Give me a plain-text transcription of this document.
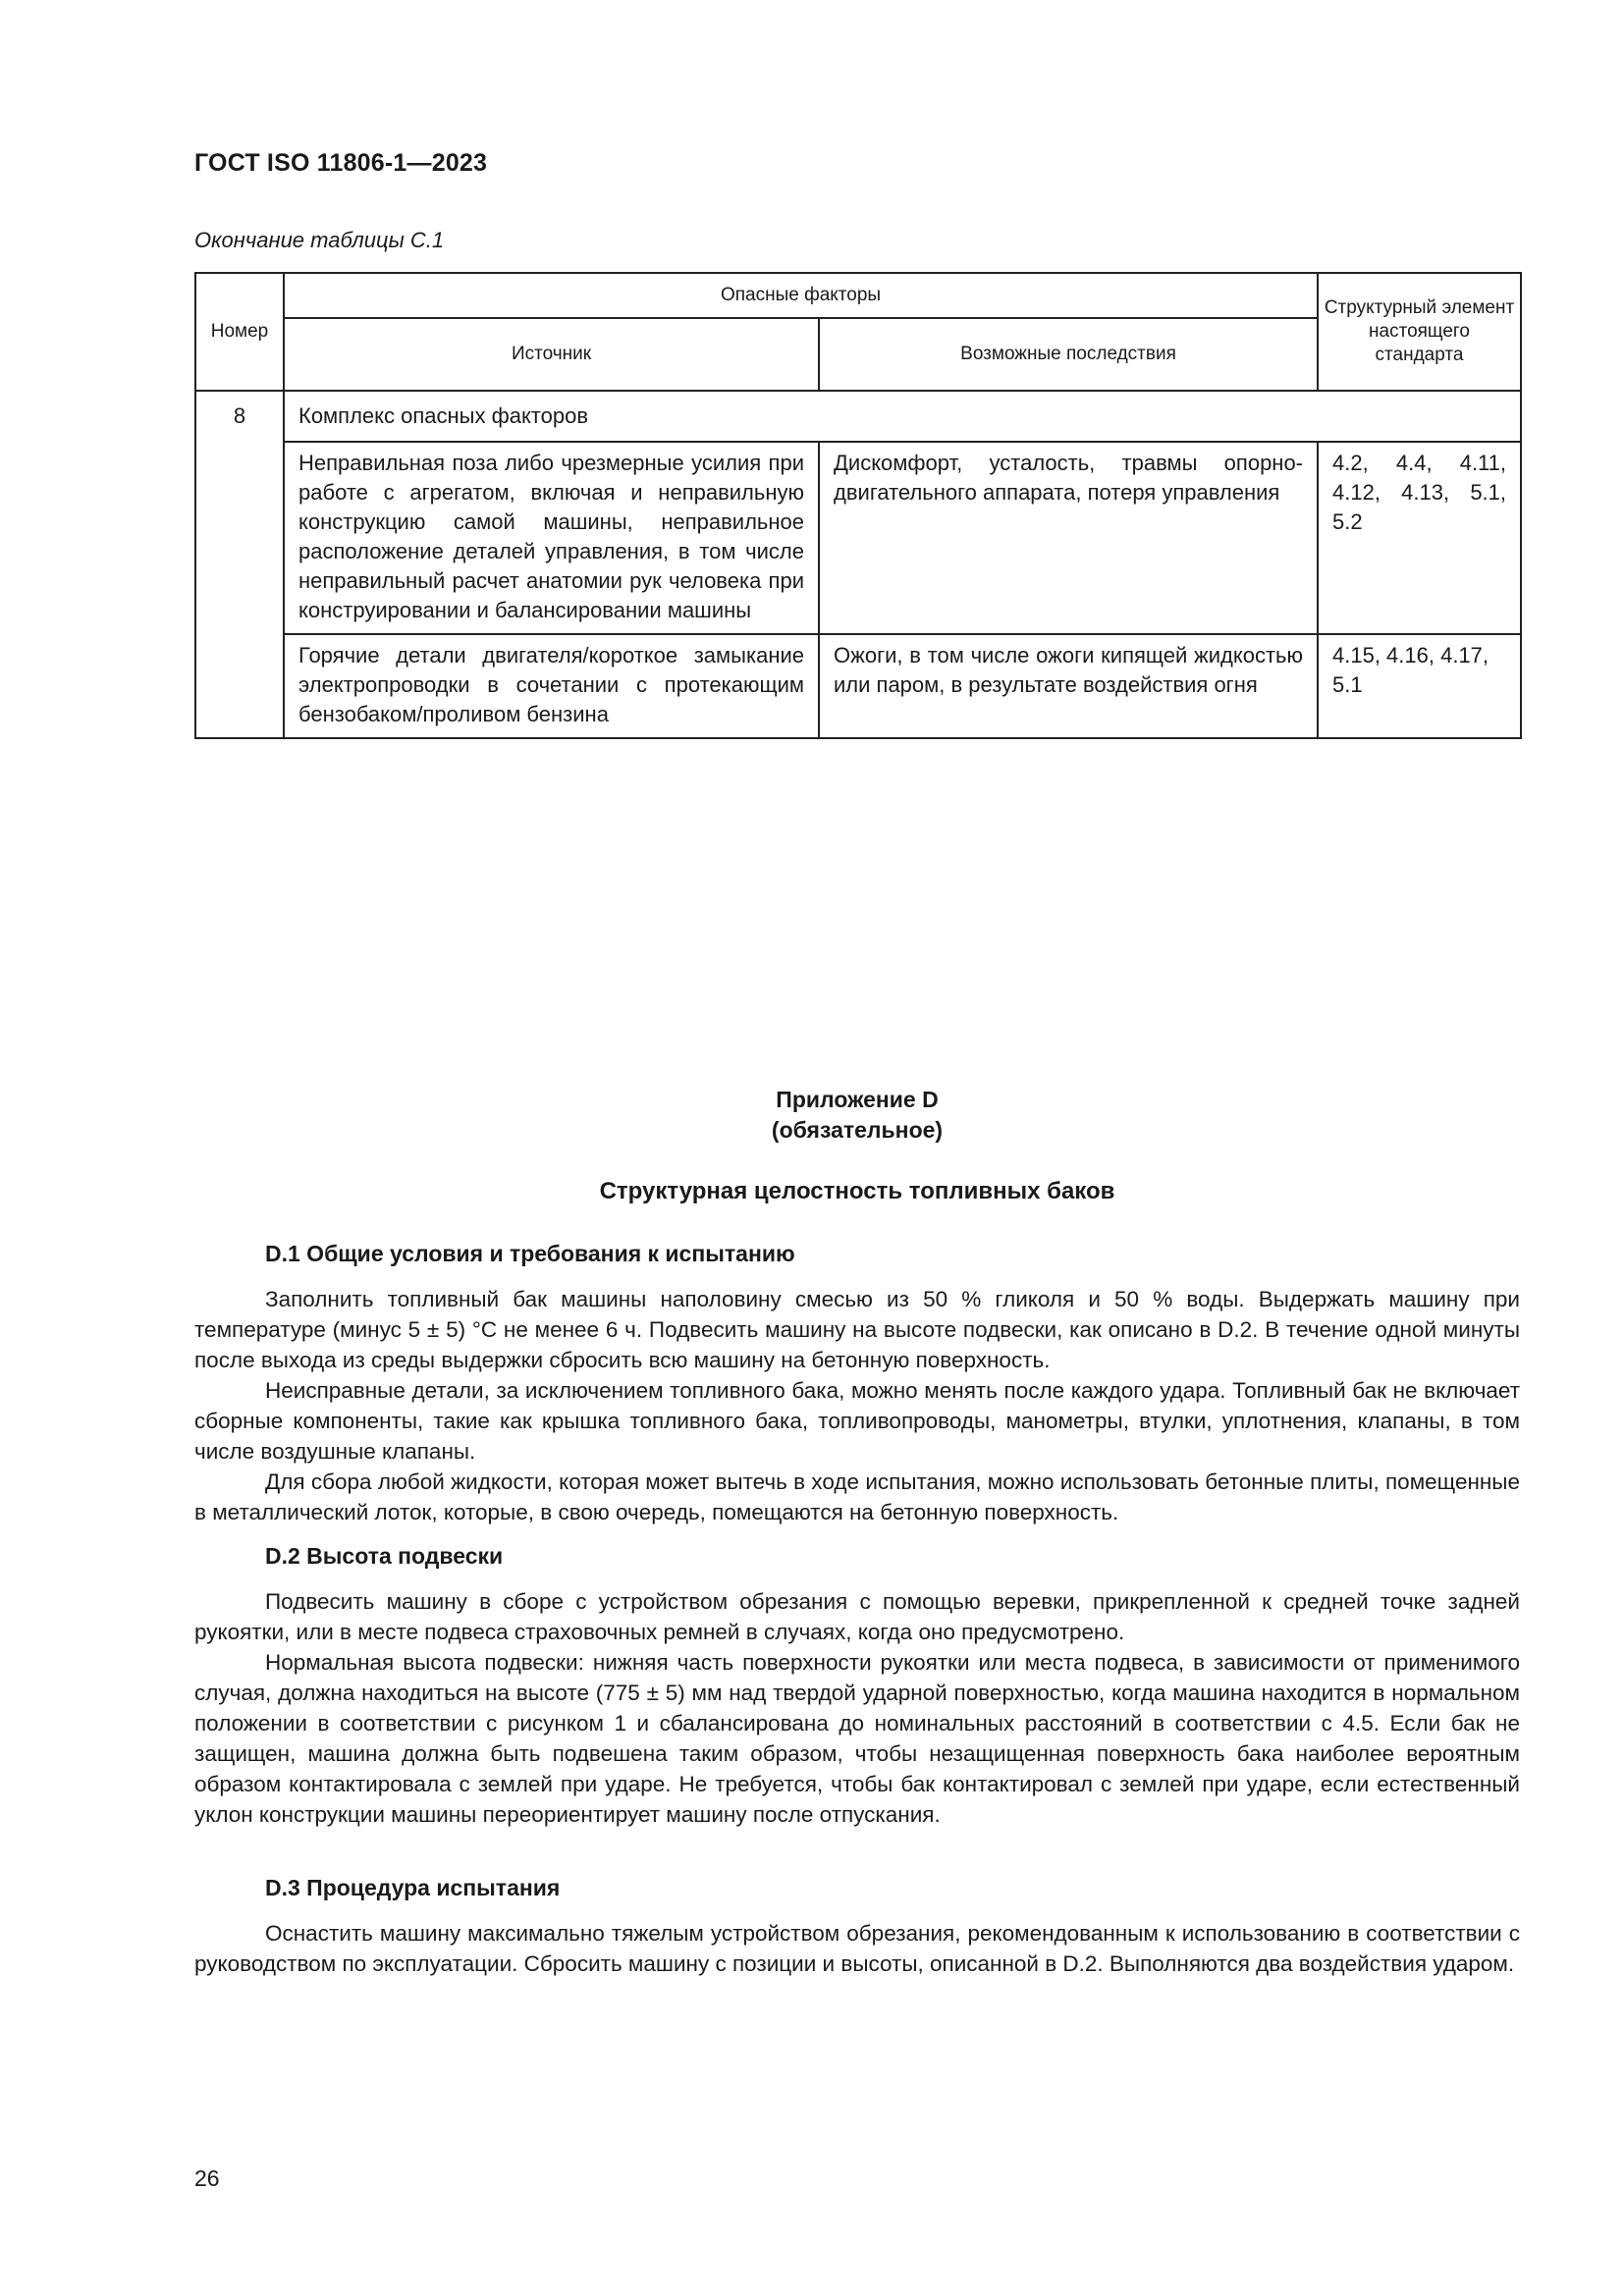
ГОСТ ISO 11806-1—2023
Окончание таблицы С.1
Номер	Опасные факторы		Структурный элемент настоящего стандарта
	Источник	Возможные последствия	
8	Комплекс опасных факторов		
	Неправильная поза либо чрезмерные усилия при работе с агрегатом, включая и неправильную конструкцию самой машины, неправильное расположение деталей управления, в том числе неправильный расчет анатомии рук человека при конструировании и балансировании машины	Дискомфорт, усталость, травмы опорно-двигательного аппарата, потеря управления	4.2, 4.4, 4.11, 4.12, 4.13, 5.1, 5.2
	Горячие детали двигателя/короткое замыкание электропроводки в сочетании с протекающим бензобаком/проливом бензина	Ожоги, в том числе ожоги кипящей жидкостью или паром, в результате воздействия огня	4.15, 4.16, 4.17, 5.1
Приложение D
(обязательное)
Структурная целостность топливных баков
D.1 Общие условия и требования к испытанию
Заполнить топливный бак машины наполовину смесью из 50 % гликоля и 50 % воды. Выдержать машину при температуре (минус 5 ± 5) °С не менее 6 ч. Подвесить машину на высоте подвески, как описано в D.2. В течение одной минуты после выхода из среды выдержки сбросить всю машину на бетонную поверхность.
Неисправные детали, за исключением топливного бака, можно менять после каждого удара. Топливный бак не включает сборные компоненты, такие как крышка топливного бака, топливопроводы, манометры, втулки, уплотнения, клапаны, в том числе воздушные клапаны.
Для сбора любой жидкости, которая может вытечь в ходе испытания, можно использовать бетонные плиты, помещенные в металлический лоток, которые, в свою очередь, помещаются на бетонную поверхность.
D.2 Высота подвески
Подвесить машину в сборе с устройством обрезания с помощью веревки, прикрепленной к средней точке задней рукоятки, или в месте подвеса страховочных ремней в случаях, когда оно предусмотрено.
Нормальная высота подвески: нижняя часть поверхности рукоятки или места подвеса, в зависимости от применимого случая, должна находиться на высоте (775 ± 5) мм над твердой ударной поверхностью, когда машина находится в нормальном положении в соответствии с рисунком 1 и сбалансирована до номинальных расстояний в соответствии с 4.5. Если бак не защищен, машина должна быть подвешена таким образом, чтобы незащищенная поверхность бака наиболее вероятным образом контактировала с землей при ударе. Не требуется, чтобы бак контактировал с землей при ударе, если естественный уклон конструкции машины переориентирует машину после отпускания.
D.3 Процедура испытания
Оснастить машину максимально тяжелым устройством обрезания, рекомендованным к использованию в соответствии с руководством по эксплуатации. Сбросить машину с позиции и высоты, описанной в D.2. Выполняются два воздействия ударом.
26
